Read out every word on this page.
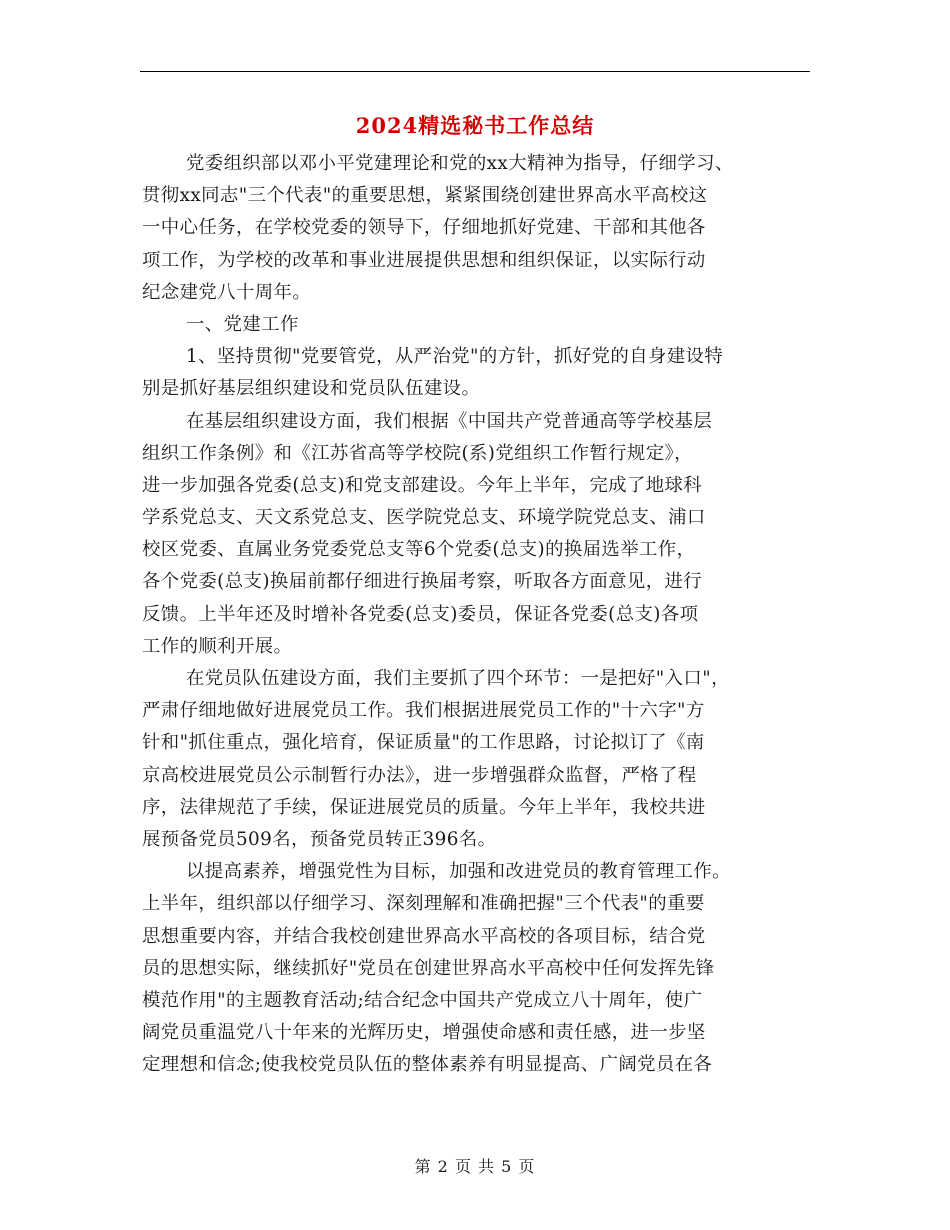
2024精选秘书工作总结
党委组织部以邓小平党建理论和党的xx大精神为指导，仔细学习、
贯彻xx同志"三个代表"的重要思想，紧紧围绕创建世界高水平高校这
一中心任务，在学校党委的领导下，仔细地抓好党建、干部和其他各
项工作，为学校的改革和事业进展提供思想和组织保证，以实际行动
纪念建党八十周年。
一、党建工作
1、坚持贯彻"党要管党，从严治党"的方针，抓好党的自身建设特
别是抓好基层组织建设和党员队伍建设。
在基层组织建设方面，我们根据《中国共产党普通高等学校基层
组织工作条例》和《江苏省高等学校院(系)党组织工作暂行规定》，
进一步加强各党委(总支)和党支部建设。今年上半年，完成了地球科
学系党总支、天文系党总支、医学院党总支、环境学院党总支、浦口
校区党委、直属业务党委党总支等6个党委(总支)的换届选举工作，
各个党委(总支)换届前都仔细进行换届考察，听取各方面意见，进行
反馈。上半年还及时增补各党委(总支)委员，保证各党委(总支)各项
工作的顺利开展。
在党员队伍建设方面，我们主要抓了四个环节：一是把好"入口"，
严肃仔细地做好进展党员工作。我们根据进展党员工作的"十六字"方
针和"抓住重点，强化培育，保证质量"的工作思路，讨论拟订了《南
京高校进展党员公示制暂行办法》，进一步增强群众监督，严格了程
序，法律规范了手续，保证进展党员的质量。今年上半年，我校共进
展预备党员509名，预备党员转正396名。
以提高素养，增强党性为目标，加强和改进党员的教育管理工作。
上半年，组织部以仔细学习、深刻理解和准确把握"三个代表"的重要
思想重要内容，并结合我校创建世界高水平高校的各项目标，结合党
员的思想实际，继续抓好"党员在创建世界高水平高校中任何发挥先锋
模范作用"的主题教育活动;结合纪念中国共产党成立八十周年，使广
阔党员重温党八十年来的光辉历史，增强使命感和责任感，进一步坚
定理想和信念;使我校党员队伍的整体素养有明显提高、广阔党员在各
第 2 页 共 5 页
